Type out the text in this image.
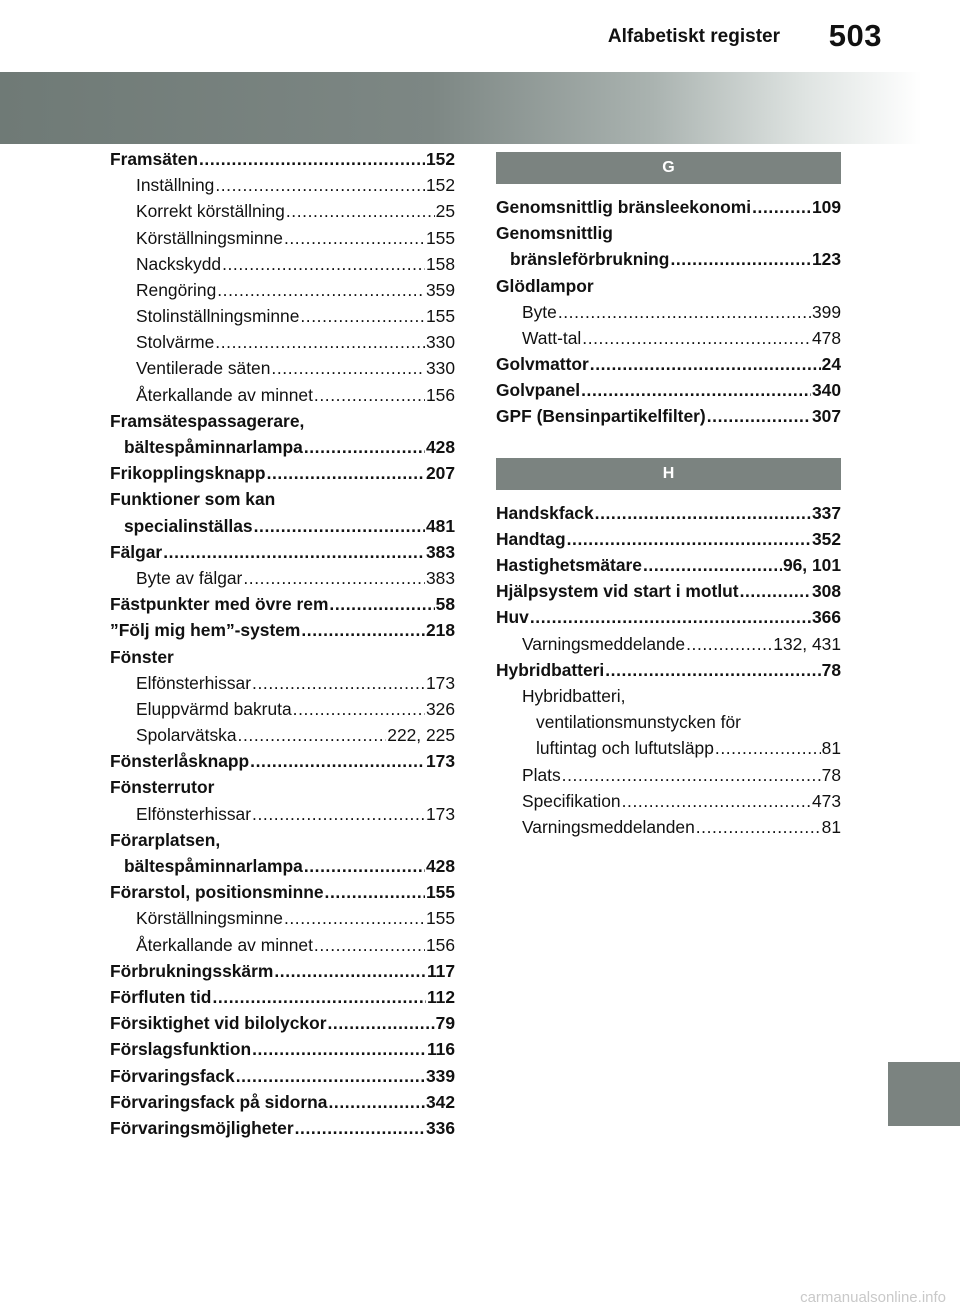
Alfabetiskt register 503
Framsäten .....	152
Inställning .....	152
Korrekt körställning .....	25
Körställningsminne .....	155
Nackskydd .....	158
Rengöring .....	359
Stolinställningsminne .....	155
Stolvärme .....	330
Ventilerade säten .....	330
Återkallande av minnet .....	156
Framsätespassagerare,
bältespåminnarlampa .....	428
Frikopplingsknapp .....	207
Funktioner som kan
specialinställas .....	481
Fälgar .....	383
Byte av fälgar .....	383
Fästpunkter med övre rem .....	58
”Följ mig hem”-system .....	218
Fönster
Elfönsterhissar .....	173
Eluppvärmd bakruta .....	326
Spolarvätska .....	222, 225
Fönsterlåsknapp .....	173
Fönsterrutor
Elfönsterhissar .....	173
Förarplatsen,
bältespåminnarlampa .....	428
Förarstol, positionsminne .....	155
Körställningsminne .....	155
Återkallande av minnet .....	156
Förbrukningsskärm .....	117
Förfluten tid .....	112
Försiktighet vid bilolyckor .....	79
Förslagsfunktion .....	116
Förvaringsfack .....	339
Förvaringsfack på sidorna .....	342
Förvaringsmöjligheter .....	336
G
Genomsnittlig bränsleekonomi .....	109
Genomsnittlig
bränsleförbrukning .....	123
Glödlampor
Byte .....	399
Watt-tal .....	478
Golvmattor .....	24
Golvpanel .....	340
GPF (Bensinpartikelfilter) .....	307
H
Handskfack .....	337
Handtag .....	352
Hastighetsmätare .....	96, 101
Hjälpsystem vid start i motlut .....	308
Huv .....	366
Varningsmeddelande .....	132, 431
Hybridbatteri .....	78
Hybridbatteri,
ventilationsmunstycken för
luftintag och luftutsläpp .....	81
Plats .....	78
Specifikation .....	473
Varningsmeddelanden .....	81
carmanualsonline.info
